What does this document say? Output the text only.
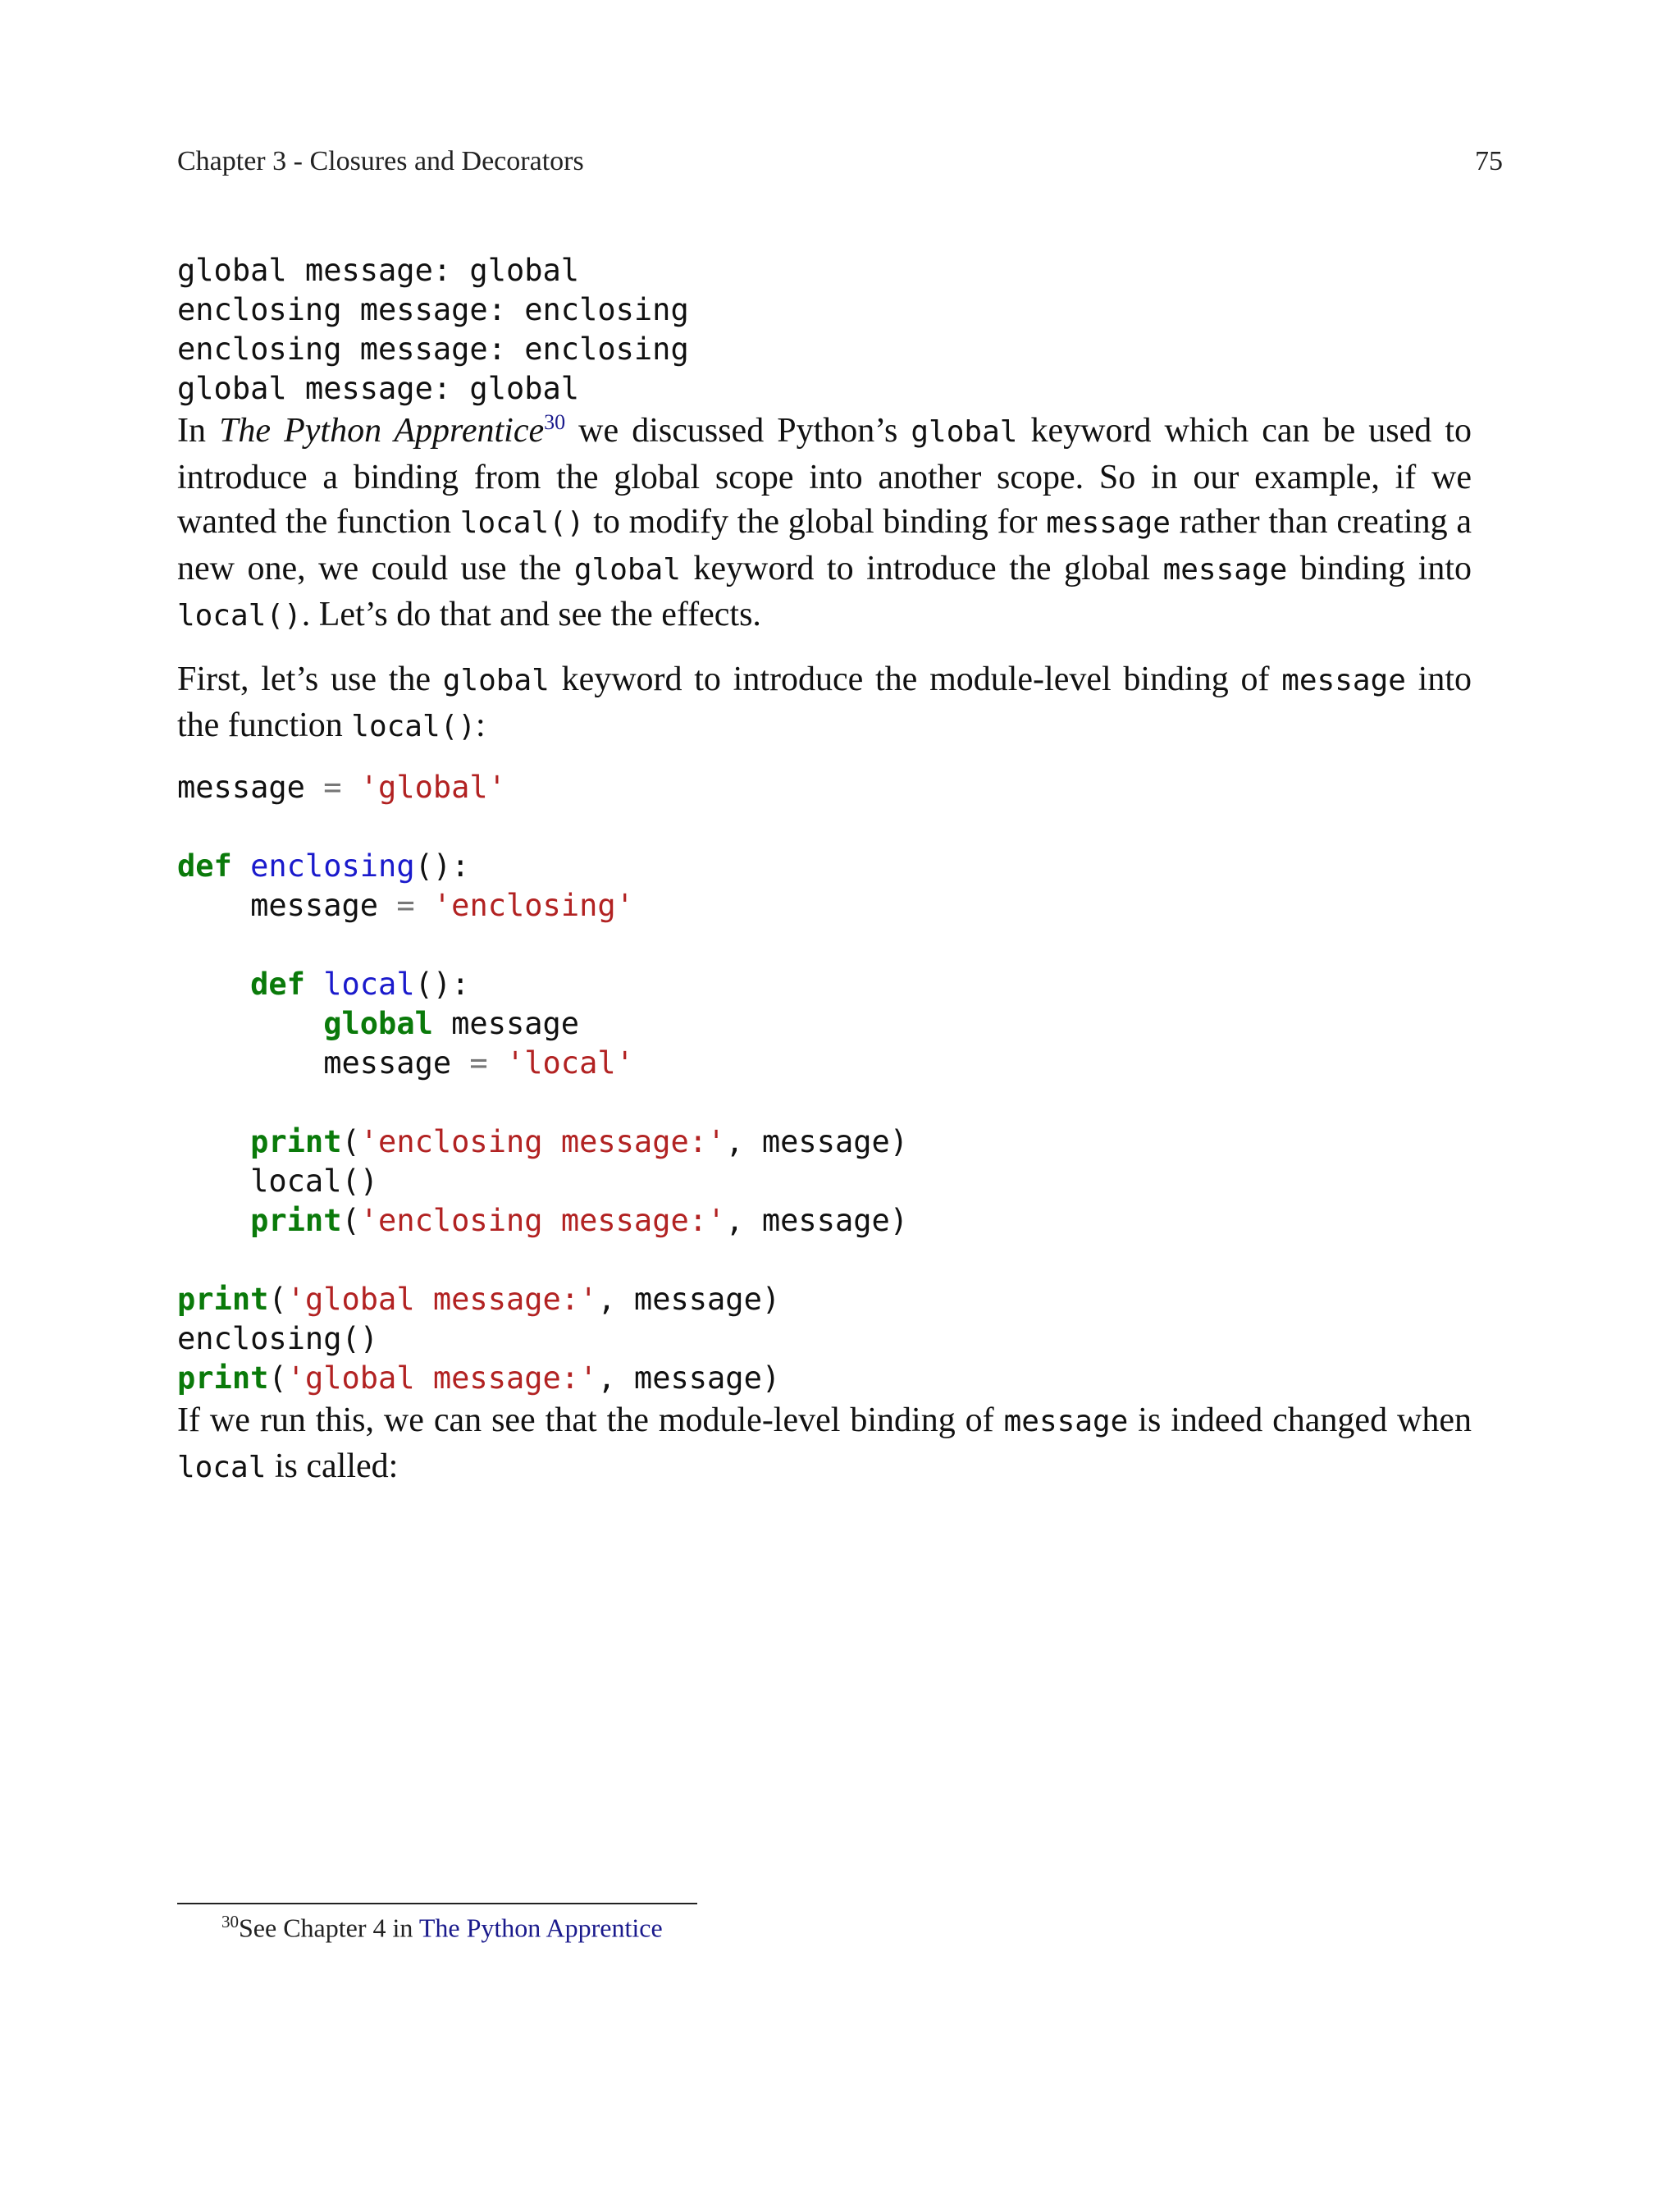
Chapter 3 - Closures and Decorators	75
global message: global
enclosing message: enclosing
enclosing message: enclosing
global message: global

In The Python Apprentice$^{30}$ we discussed Python’s global keyword which can be used to introduce a binding from the global scope into another scope. So in our example, if we wanted the function local() to modify the global binding for message rather than creating a new one, we could use the global keyword to introduce the global message binding into local(). Let’s do that and see the effects.

First, let’s use the global keyword to introduce the module-level binding of message into the function local():

message = 'global'

def enclosing():
message = 'enclosing'

def local():
global message
message = 'local'

print('enclosing message:', message)
local()
print('enclosing message:', message)

print('global message:', message)
enclosing()
print('global message:', message)

If we run this, we can see that the module-level binding of message is indeed changed when local is called:

$^{30}$See Chapter 4 in The Python Apprentice
